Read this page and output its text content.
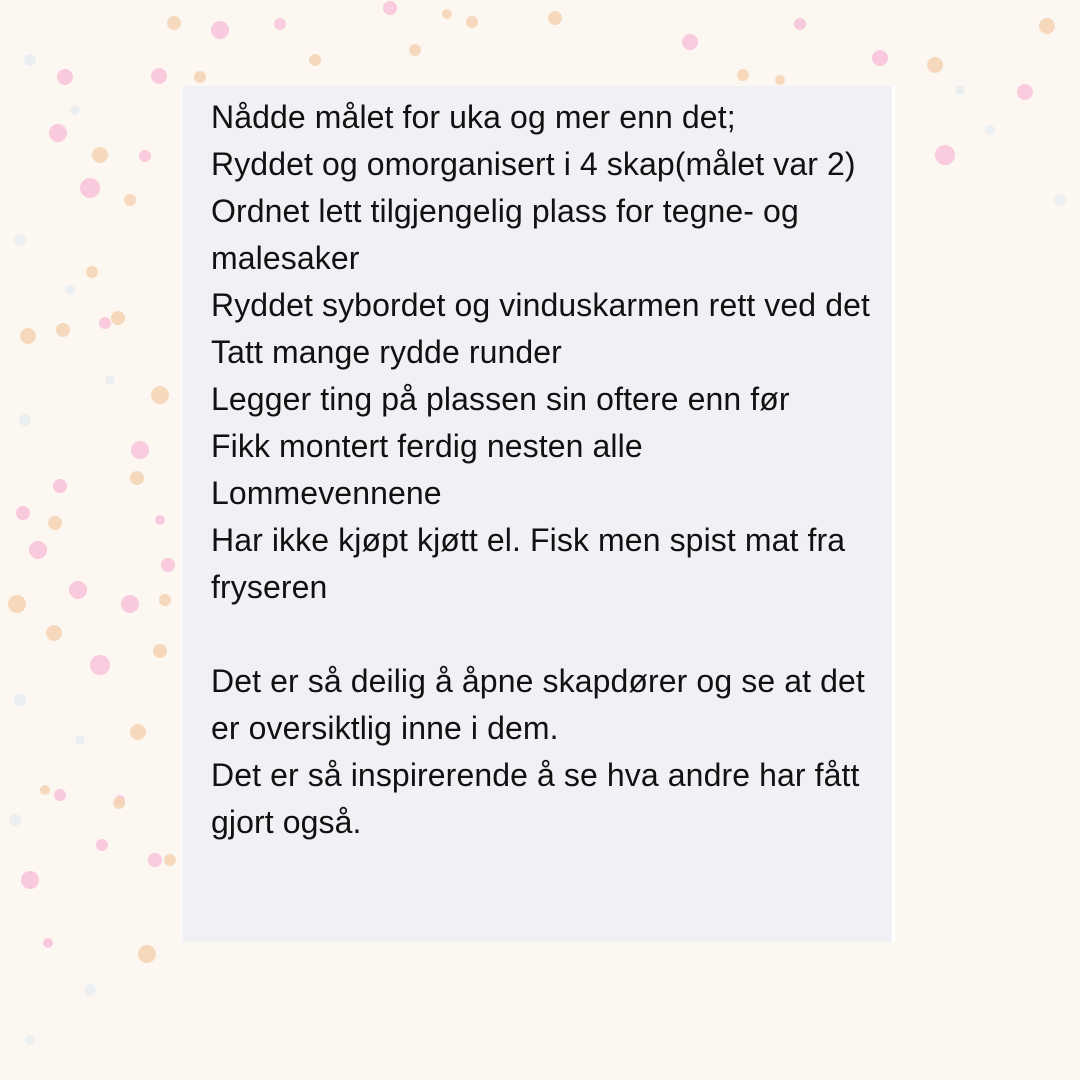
Nådde målet for uka og mer enn det;

Ryddet og omorganisert i 4 skap(målet var 2)

Ordnet lett tilgjengelig plass for tegne- og malesaker

Ryddet sybordet og vinduskarmen rett ved det

Tatt mange rydde runder

Legger ting på plassen sin oftere enn før

Fikk montert ferdig nesten alle Lommevennene

Har ikke kjøpt kjøtt el. Fisk men spist mat fra fryseren

Det er så deilig å åpne skapdører og se at det er oversiktlig inne i dem.

Det er så inspirerende å se hva andre har fått gjort også.
